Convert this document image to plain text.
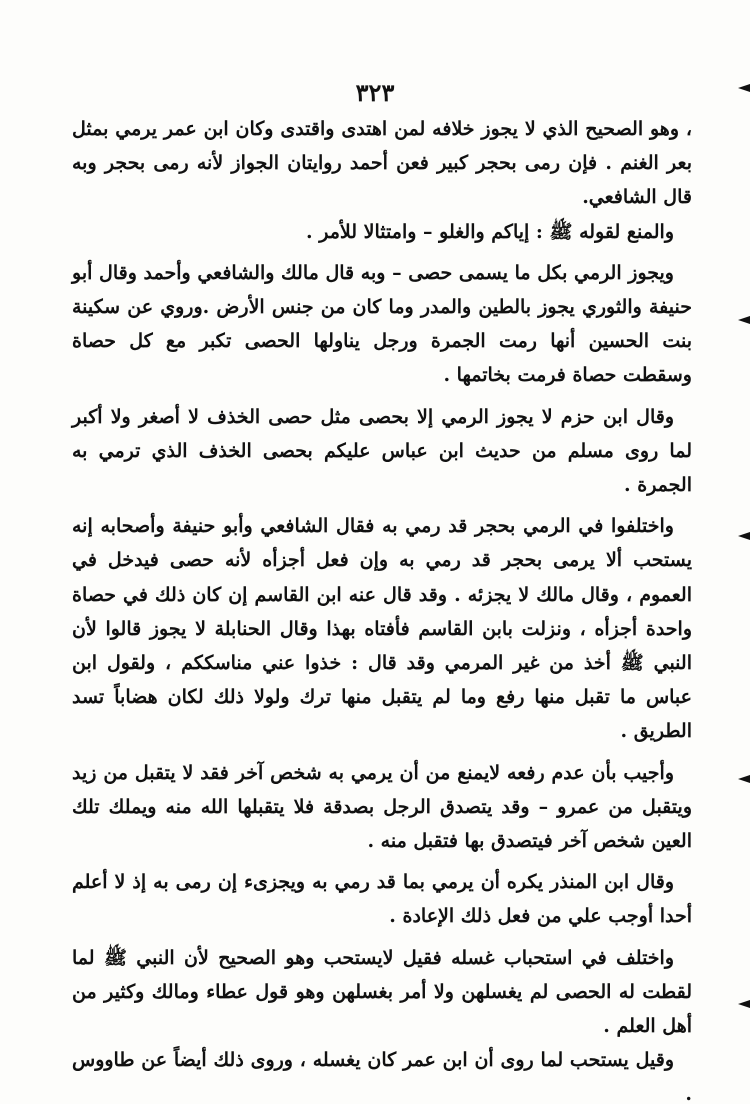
٣٢٣

، وهو الصحيح الذي لا يجوز خلافه لمن اهتدى واقتدى وكان ابن عمر يرمي بمثل بعر الغنم . فإن رمى بحجر كبير فعن أحمد روايتان الجواز لأنه رمى بحجر وبه قال الشافعي.

والمنع لقوله ﷺ : إياكم والغلو – وامتثالا للأمر .

ويجوز الرمي بكل ما يسمى حصى – وبه قال مالك والشافعي وأحمد وقال أبو حنيفة والثوري يجوز بالطين والمدر وما كان من جنس الأرض .وروي عن سكينة بنت الحسين أنها رمت الجمرة ورجل يناولها الحصى تكبر مع كل حصاة وسقطت حصاة فرمت بخاتمها .

وقال ابن حزم لا يجوز الرمي إلا بحصى مثل حصى الخذف لا أصغر ولا أكبر لما روى مسلم من حديث ابن عباس عليكم بحصى الخذف الذي ترمي به الجمرة .

واختلفوا في الرمي بحجر قد رمي به فقال الشافعي وأبو حنيفة وأصحابه إنه يستحب ألا يرمى بحجر قد رمي به وإن فعل أجزأه لأنه حصى فيدخل في العموم ، وقال مالك لا يجزئه . وقد قال عنه ابن القاسم إن كان ذلك في حصاة واحدة أجزأه ، ونزلت بابن القاسم فأفتاه بهذا وقال الحنابلة لا يجوز قالوا لأن النبي ﷺ أخذ من غير المرمي وقد قال : خذوا عني مناسككم ، ولقول ابن عباس ما تقبل منها رفع وما لم يتقبل منها ترك ولولا ذلك لكان هضاباً تسد الطريق .

وأجيب بأن عدم رفعه لايمنع من أن يرمي به شخص آخر فقد لا يتقبل من زيد ويتقبل من عمرو – وقد يتصدق الرجل بصدقة فلا يتقبلها الله منه ويملك تلك العين شخص آخر فيتصدق بها فتقبل منه .

وقال ابن المنذر يكره أن يرمي بما قد رمي به ويجزىء إن رمى به إذ لا أعلم أحدا أوجب علي من فعل ذلك الإعادة .

واختلف في استحباب غسله فقيل لايستحب وهو الصحيح لأن النبي ﷺ لما لقطت له الحصى لم يغسلهن ولا أمر بغسلهن وهو قول عطاء ومالك وكثير من أهل العلم .

وقيل يستحب لما روى أن ابن عمر كان يغسله ، وروى ذلك أيضاً عن طاووس .
